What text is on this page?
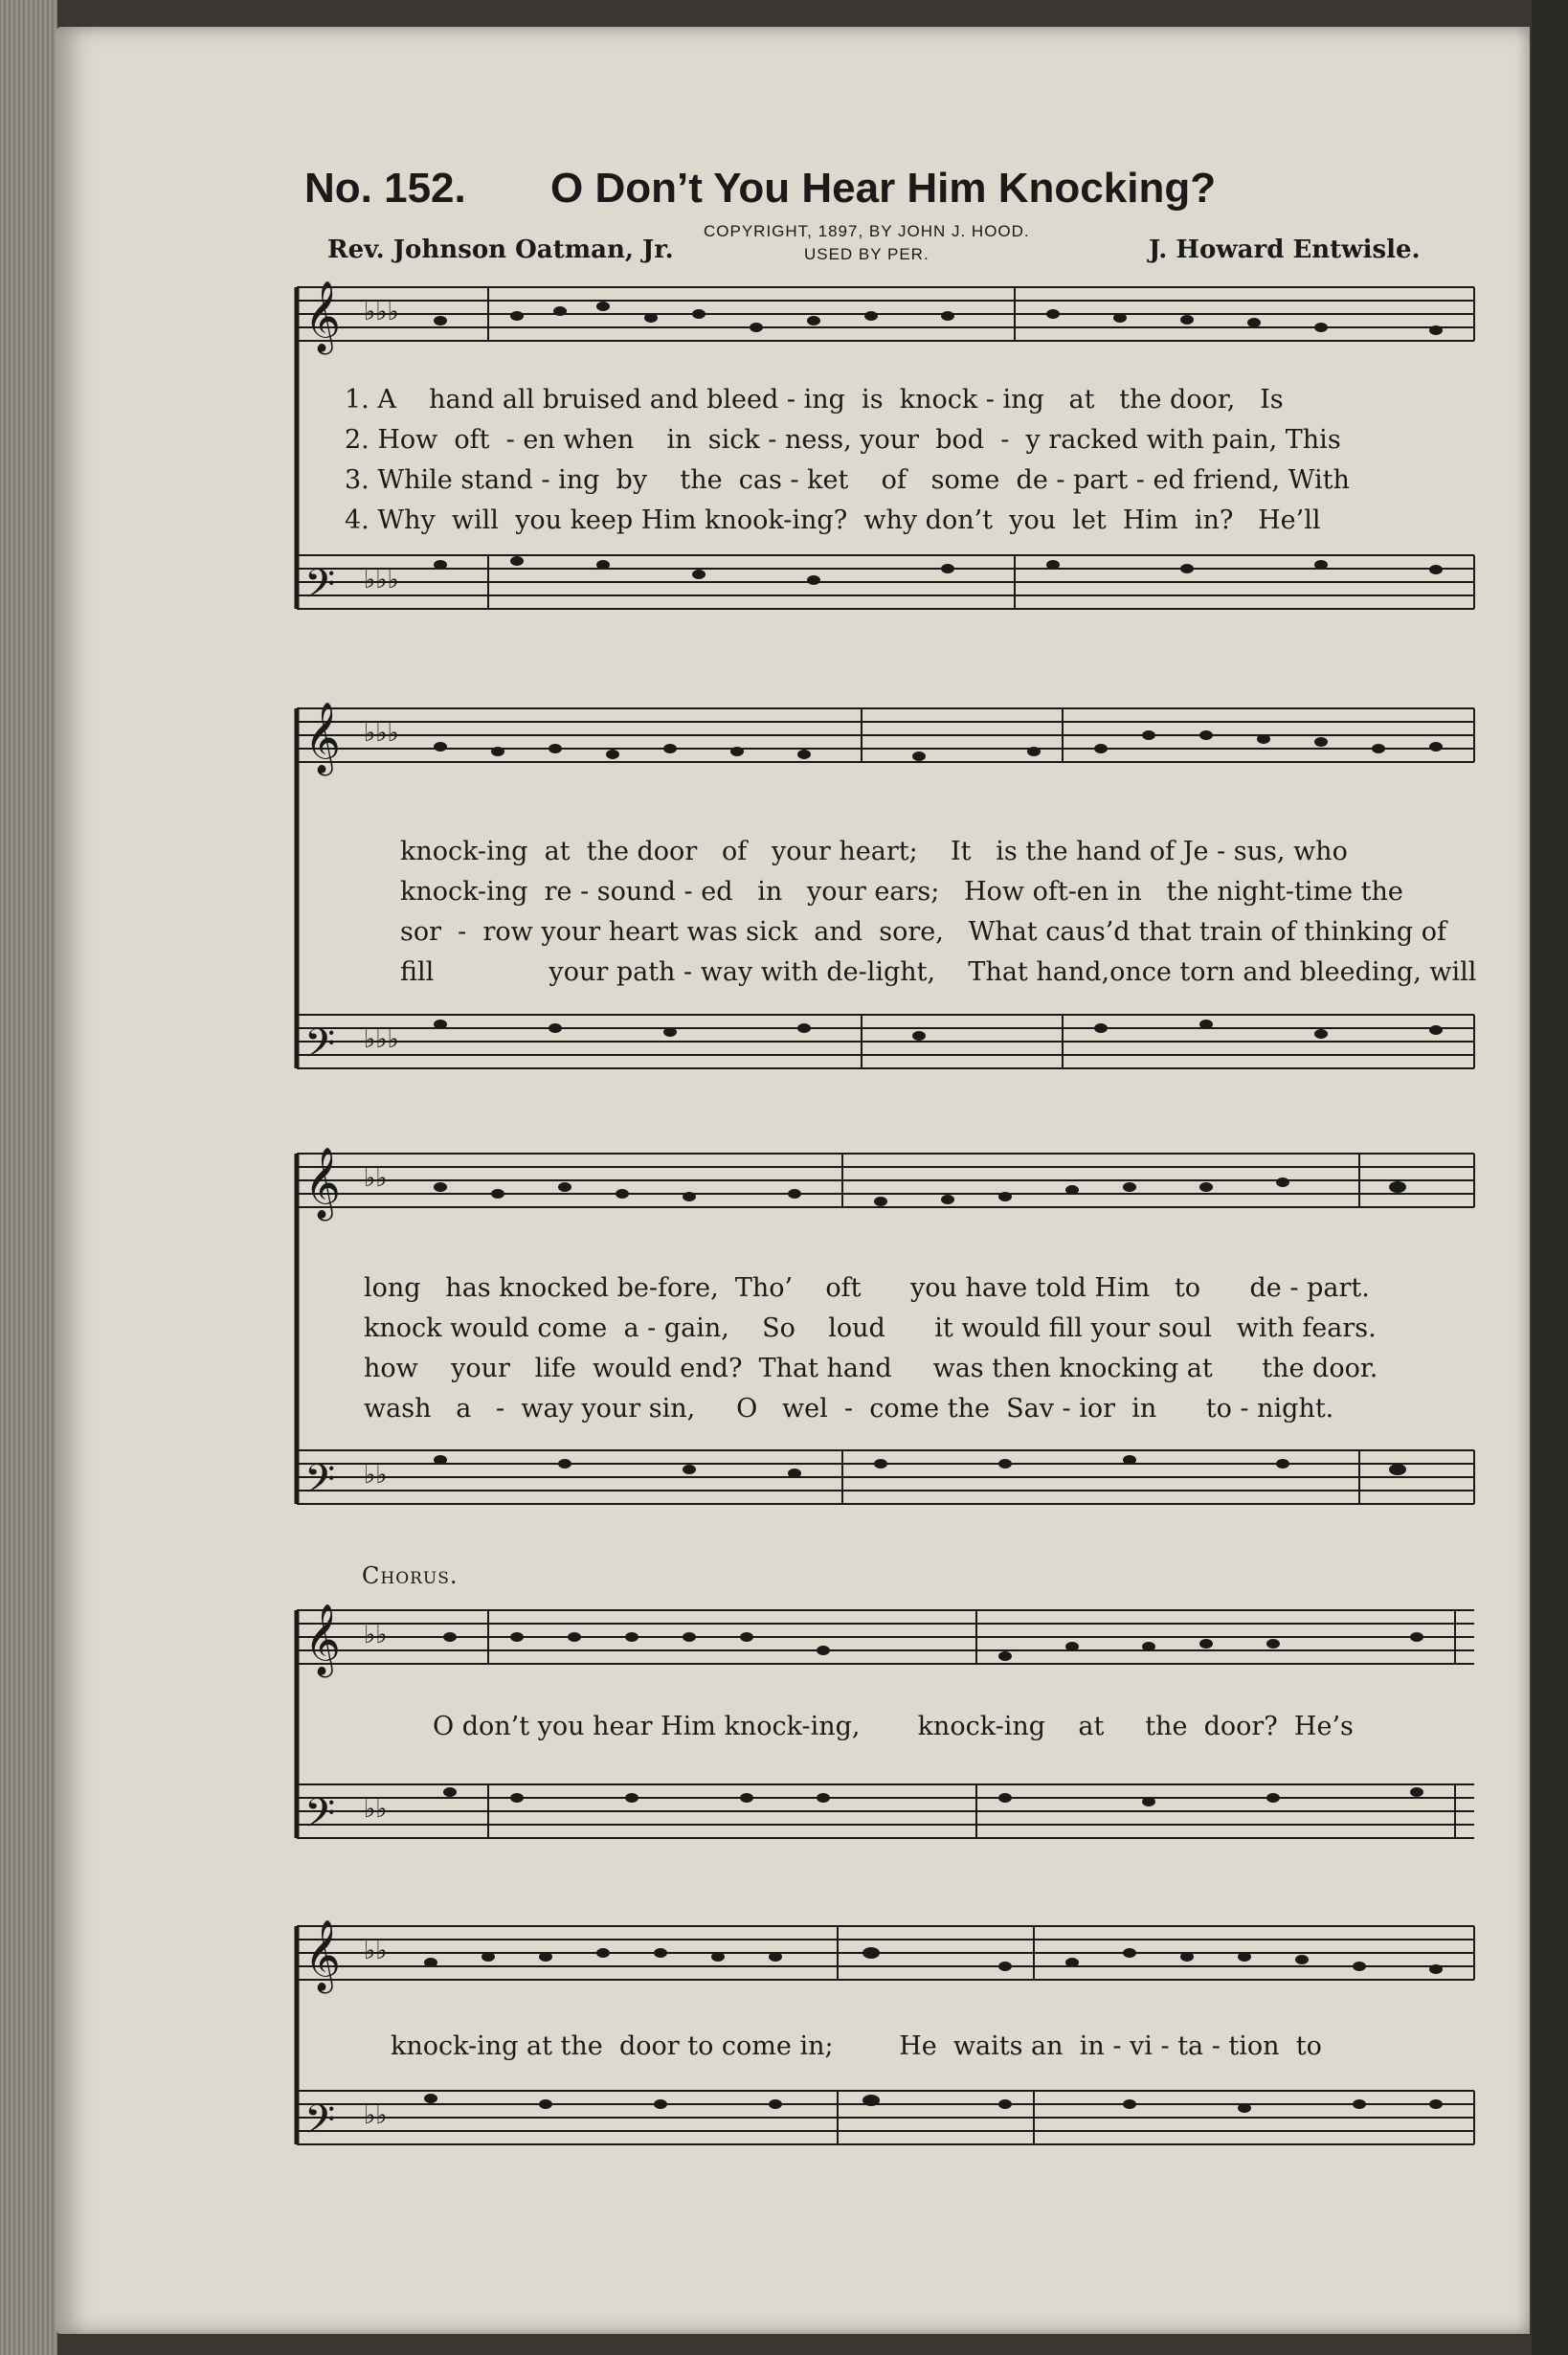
No. 152. O Don’t You Hear Him Knocking?
Rev. Johnson Oatman, Jr.	J. Howard Entwisle.
COPYRIGHT, 1897, BY JOHN J. HOOD.
USED BY PER.
𝄞
𝄢
♭♭♭
♭♭♭
1. A    hand all bruised and bleed - ing  is  knock - ing   at   the door,   Is
2. How  oft  - en when    in  sick - ness, your  bod  -  y racked with pain, This
3. While stand - ing  by    the  cas - ket    of   some  de - part - ed friend, With
4. Why  will  you keep Him knook-ing?  why don’t  you  let  Him  in?   He’ll
𝄞
𝄢
♭♭♭
♭♭♭
knock-ing  at  the door   of   your heart;    It   is the hand of Je - sus, who
knock-ing  re - sound - ed   in   your ears;   How oft-en in   the night-time the
sor  -  row your heart was sick  and  sore,   What caus’d that train of thinking of
fill              your path - way with de-light,    That hand,once torn and bleeding, will
𝄞
𝄢
♭♭
♭♭
long   has knocked be-fore,  Tho’    oft      you have told Him   to      de - part.
knock would come  a - gain,    So    loud      it would fill your soul   with fears.
how    your   life  would end?  That hand     was then knocking at      the door.
wash   a   -  way your sin,     O   wel  -  come the  Sav - ior  in      to - night.
Chorus.
𝄞
𝄢
♭♭
♭♭
O don’t you hear Him knock-ing,       knock-ing    at     the  door?  He’s
𝄞
𝄢
♭♭
♭♭
knock-ing at the  door to come in;        He  waits an  in - vi - ta - tion  to
